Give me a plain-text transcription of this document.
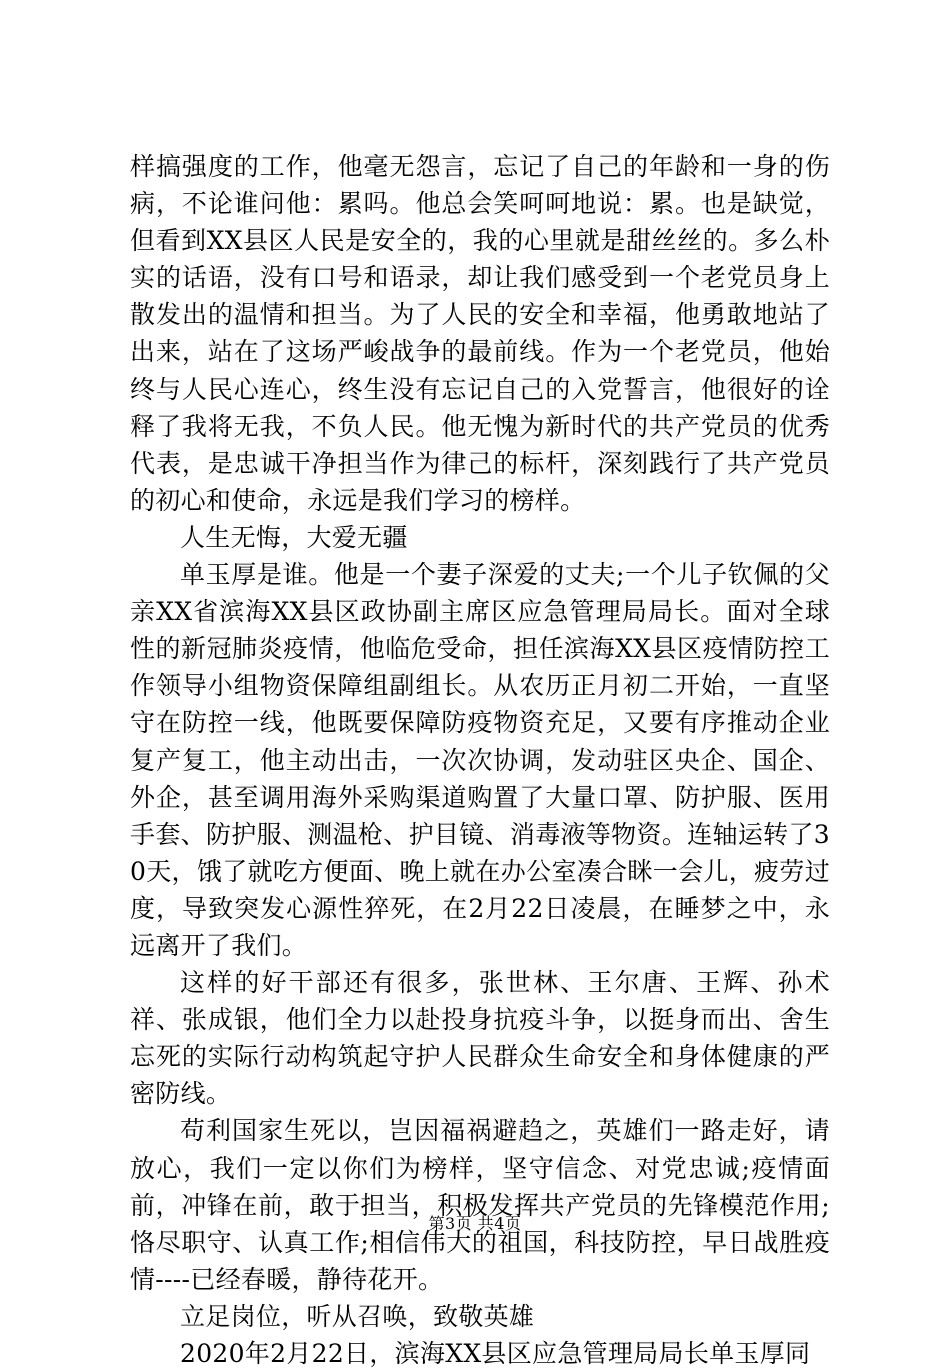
样搞强度的工作，他毫无怨言，忘记了自己的年龄和一身的伤病，不论谁问他：累吗。他总会笑呵呵地说：累。也是缺觉，但看到XX县区人民是安全的，我的心里就是甜丝丝的。多么朴实的话语，没有口号和语录，却让我们感受到一个老党员身上散发出的温情和担当。为了人民的安全和幸福，他勇敢地站了出来，站在了这场严峻战争的最前线。作为一个老党员，他始终与人民心连心，终生没有忘记自己的入党誓言，他很好的诠释了我将无我，不负人民。他无愧为新时代的共产党员的优秀代表，是忠诚干净担当作为律己的标杆，深刻践行了共产党员的初心和使命，永远是我们学习的榜样。

人生无悔，大爱无疆

单玉厚是谁。他是一个妻子深爱的丈夫;一个儿子钦佩的父亲XX省滨海XX县区政协副主席区应急管理局局长。面对全球性的新冠肺炎疫情，他临危受命，担任滨海XX县区疫情防控工作领导小组物资保障组副组长。从农历正月初二开始，一直坚守在防控一线，他既要保障防疫物资充足，又要有序推动企业复产复工，他主动出击，一次次协调，发动驻区央企、国企、外企，甚至调用海外采购渠道购置了大量口罩、防护服、医用手套、防护服、测温枪、护目镜、消毒液等物资。连轴运转了30天，饿了就吃方便面、晚上就在办公室凑合眯一会儿，疲劳过度，导致突发心源性猝死，在2月22日凌晨，在睡梦之中，永远离开了我们。

这样的好干部还有很多，张世林、王尔唐、王辉、孙术祥、张成银，他们全力以赴投身抗疫斗争，以挺身而出、舍生忘死的实际行动构筑起守护人民群众生命安全和身体健康的严密防线。

苟利国家生死以，岂因福祸避趋之，英雄们一路走好，请放心，我们一定以你们为榜样，坚守信念、对党忠诚;疫情面前，冲锋在前，敢于担当，积极发挥共产党员的先锋模范作用;恪尽职守、认真工作;相信伟大的祖国，科技防控，早日战胜疫情----已经春暖，静待花开。

立足岗位，听从召唤，致敬英雄

2020年2月22日，滨海XX县区应急管理局局长单玉厚同

第3页 共4页
